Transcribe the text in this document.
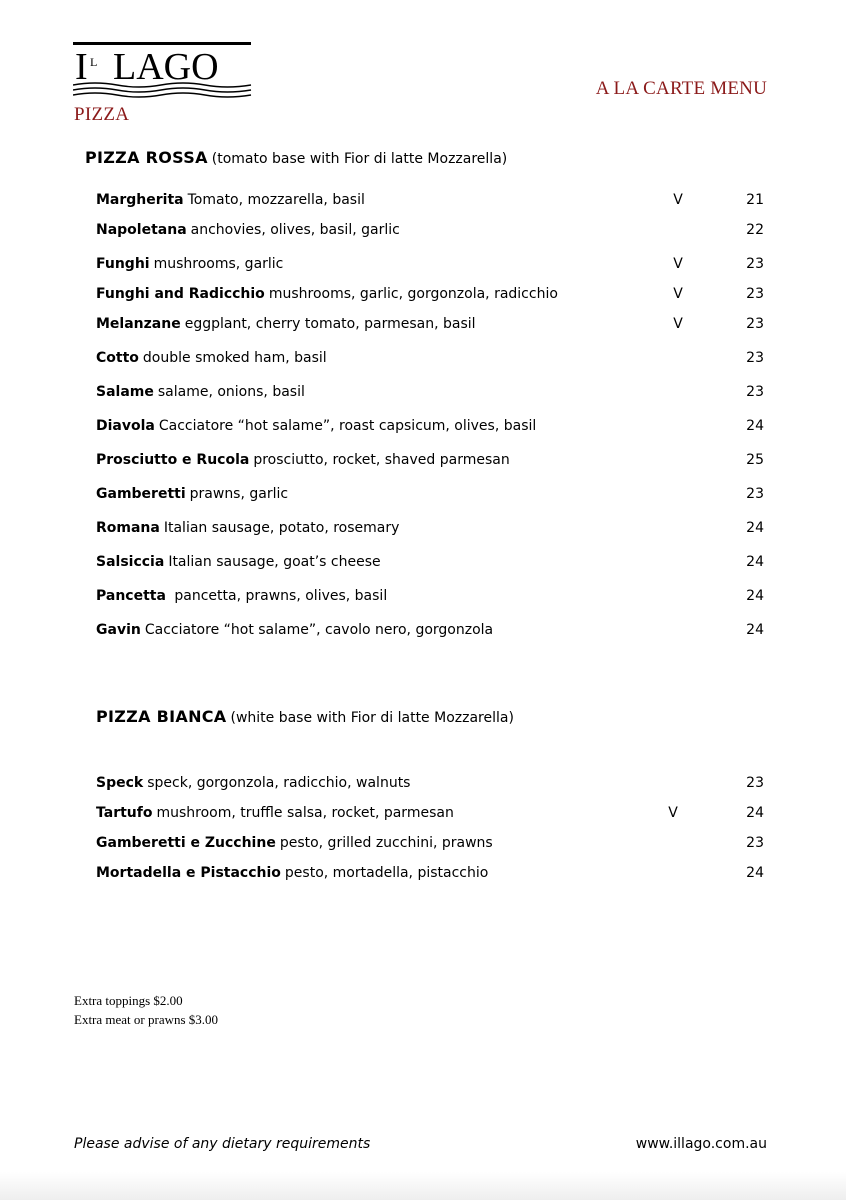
I L LAGO
PIZZA
A LA CARTE MENU
PIZZA ROSSA (tomato base with Fior di latte Mozzarella)
Margherita Tomato, mozzarella, basil	V	21
Napoletana anchovies, olives, basil, garlic	22
Funghi mushrooms, garlic	V	23
Funghi and Radicchio mushrooms, garlic, gorgonzola, radicchio	V	23
Melanzane eggplant, cherry tomato, parmesan, basil	V	23
Cotto double smoked ham, basil	23
Salame salame, onions, basil	23
Diavola Cacciatore “hot salame”, roast capsicum, olives, basil	24
Prosciutto e Rucola prosciutto, rocket, shaved parmesan	25
Gamberetti prawns, garlic	23
Romana Italian sausage, potato, rosemary	24
Salsiccia Italian sausage, goat’s cheese	24
Pancetta pancetta, prawns, olives, basil	24
Gavin Cacciatore “hot salame”, cavolo nero, gorgonzola	24
PIZZA BIANCA (white base with Fior di latte Mozzarella)
Speck speck, gorgonzola, radicchio, walnuts	23
Tartufo mushroom, truffle salsa, rocket, parmesan	V	24
Gamberetti e Zucchine pesto, grilled zucchini, prawns	23
Mortadella e Pistacchio pesto, mortadella, pistacchio	24
Extra toppings $2.00
Extra meat or prawns $3.00
Please advise of any dietary requirements	www.illago.com.au
